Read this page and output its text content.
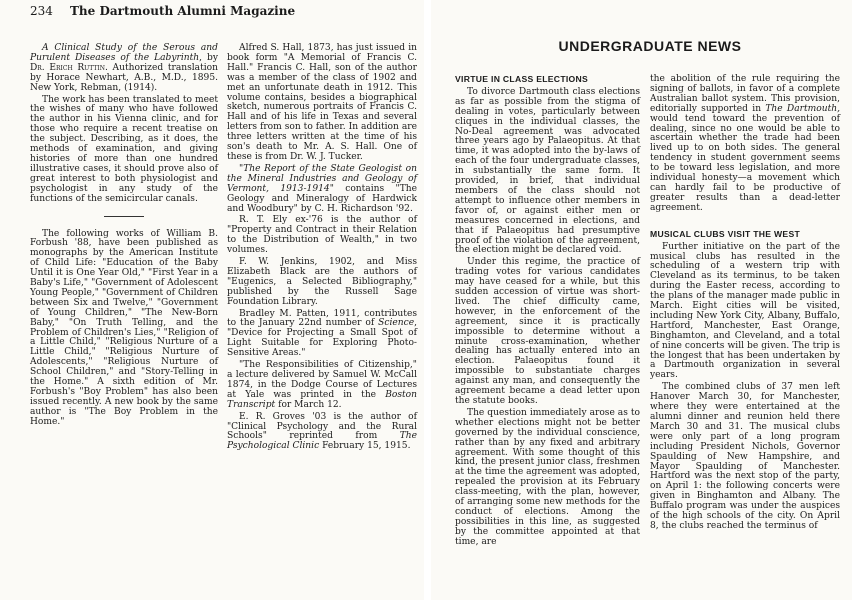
234 The Dartmouth Alumni Magazine

A Clinical Study of the Serous and Purulent Diseases of the Labyrinth, by Dr. Erich Ruttin. Authorized translation by Horace Newhart, A.B., M.D., 1895. New York, Rebman, (1914).

The work has been translated to meet the wishes of many who have followed the author in his Vienna clinic, and for those who require a recent treatise on the subject. Describing, as it does, the methods of examination, and giving histories of more than one hundred illustrative cases, it should prove also of great interest to both physiologist and psychologist in any study of the functions of the semicircular canals.

The following works of William B. Forbush '88, have been published as monographs by the American Institute of Child Life: "Education of the Baby Until it is One Year Old," "First Year in a Baby's Life," "Government of Adolescent Young People," "Government of Children between Six and Twelve," "Government of Young Children," "The New-Born Baby," "On Truth Telling, and the Problem of Children's Lies," "Religion of a Little Child," "Religious Nurture of a Little Child," "Religious Nurture of Adolescents," "Religious Nurture of School Children," and "Story-Telling in the Home." A sixth edition of Mr. Forbush's "Boy Problem" has also been issued recently. A new book by the same author is "The Boy Problem in the Home."

Alfred S. Hall, 1873, has just issued in book form "A Memorial of Francis C. Hall." Francis C. Hall, son of the author was a member of the class of 1902 and met an unfortunate death in 1912. This volume contains, besides a biographical sketch, numerous portraits of Francis C. Hall and of his life in Texas and several letters from son to father. In addition are three letters written at the time of his son's death to Mr. A. S. Hall. One of these is from Dr. W. J. Tucker.

"The Report of the State Geologist on the Mineral Industries and Geology of Vermont, 1913-1914" contains "The Geology and Mineralogy of Hardwick and Woodbury" by C. H. Richardson '92.

R. T. Ely ex-'76 is the author of "Property and Contract in their Relation to the Distribution of Wealth," in two volumes.

F. W. Jenkins, 1902, and Miss Elizabeth Black are the authors of "Eugenics, a Selected Bibliography," published by the Russell Sage Foundation Library.

Bradley M. Patten, 1911, contributes to the January 22nd number of Science, "Device for Projecting a Small Spot of Light Suitable for Exploring Photo-Sensitive Areas."

"The Responsibilities of Citizenship," a lecture delivered by Samuel W. McCall 1874, in the Dodge Course of Lectures at Yale was printed in the Boston Transcript for March 12.

E. R. Groves '03 is the author of "Clinical Psychology and the Rural Schools" reprinted from The Psychological Clinic February 15, 1915.

UNDERGRADUATE NEWS
VIRTUE IN CLASS ELECTIONS

To divorce Dartmouth class elections as far as possible from the stigma of dealing in votes, particularly between cliques in the individual classes, the No-Deal agreement was advocated three years ago by Palaeopitus. At that time, it was adopted into the by-laws of each of the four undergraduate classes, in substantially the same form. It provided, in brief, that individual members of the class should not attempt to influence other members in favor of, or against either men or measures concerned in elections, and that if Palaeopitus had presumptive proof of the violation of the agreement, the election might be declared void.

Under this regime, the practice of trading votes for various candidates may have ceased for a while, but this sudden accession of virtue was short-lived. The chief difficulty came, however, in the enforcement of the agreement, since it is practically impossible to determine without a minute cross-examination, whether dealing has actually entered into an election. Palaeopitus found it impossible to substantiate charges against any man, and consequently the agreement became a dead letter upon the statute books.

The question immediately arose as to whether elections might not be better governed by the individual conscience, rather than by any fixed and arbitrary agreement. With some thought of this kind, the present junior class, freshmen at the time the agreement was adopted, repealed the provision at its February class-meeting, with the plan, however, of arranging some new methods for the conduct of elections. Among the possibilities in this line, as suggested by the committee appointed at that time, are

the abolition of the rule requiring the signing of ballots, in favor of a complete Australian ballot system. This provision, editorially supported in The Dartmouth, would tend toward the prevention of dealing, since no one would be able to ascertain whether the trade had been lived up to on both sides. The general tendency in student government seems to be toward less legislation, and more individual honesty—a movement which can hardly fail to be productive of greater results than a dead-letter agreement.

MUSICAL CLUBS VISIT THE WEST

Further initiative on the part of the musical clubs has resulted in the scheduling of a western trip with Cleveland as its terminus, to be taken during the Easter recess, according to the plans of the manager made public in March. Eight cities will be visited, including New York City, Albany, Buffalo, Hartford, Manchester, East Orange, Binghamton, and Cleveland, and a total of nine concerts will be given. The trip is the longest that has been undertaken by a Dartmouth organization in several years.

The combined clubs of 37 men left Hanover March 30, for Manchester, where they were entertained at the alumni dinner and reunion held there March 30 and 31. The musical clubs were only part of a long program including President Nichols, Governor Spaulding of New Hampshire, and Mayor Spaulding of Manchester. Hartford was the next stop of the party, on April 1: the following concerts were given in Binghamton and Albany. The Buffalo program was under the auspices of the high schools of the city. On April 8, the clubs reached the terminus of
